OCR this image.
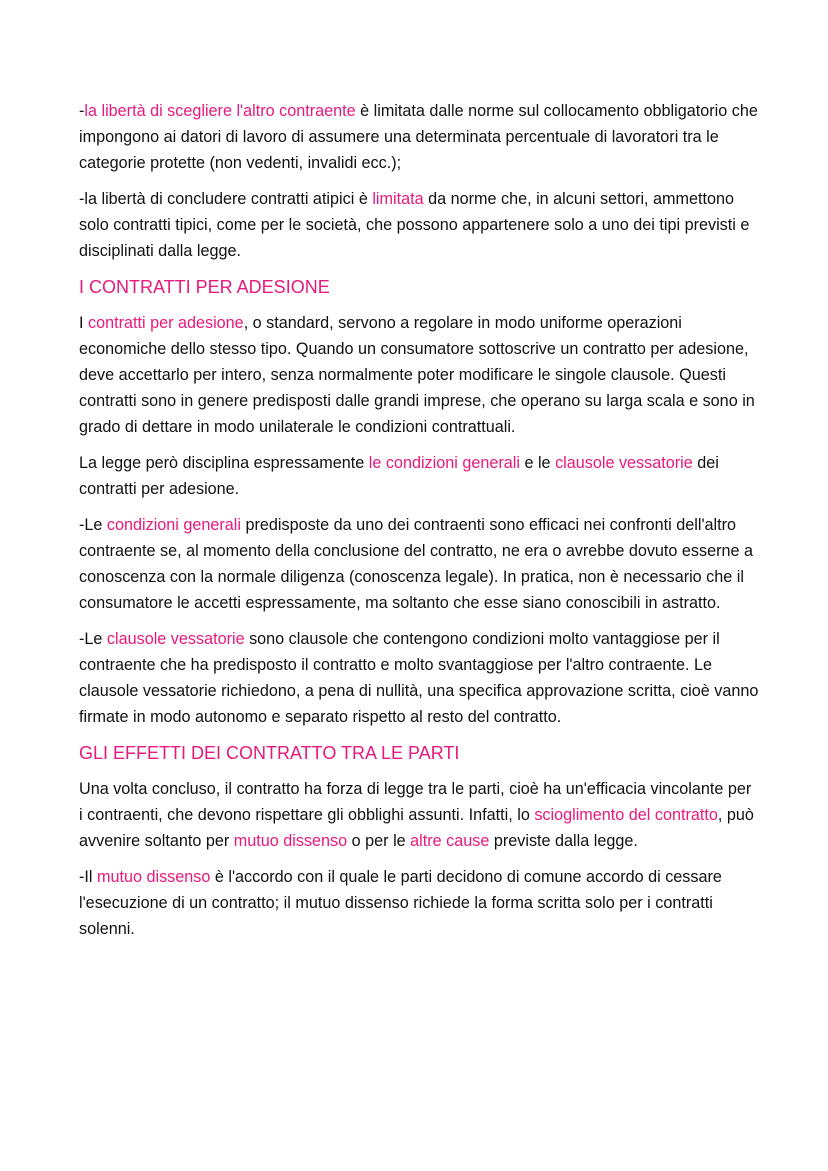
-la libertà di scegliere l'altro contraente è limitata dalle norme sul collocamento obbligatorio che impongono ai datori di lavoro di assumere una determinata percentuale di lavoratori tra le categorie protette (non vedenti, invalidi ecc.);

-la libertà di concludere contratti atipici è limitata da norme che, in alcuni settori, ammettono solo contratti tipici, come per le società, che possono appartenere solo a uno dei tipi previsti e disciplinati dalla legge.

I CONTRATTI PER ADESIONE

I contratti per adesione, o standard, servono a regolare in modo uniforme operazioni economiche dello stesso tipo. Quando un consumatore sottoscrive un contratto per adesione, deve accettarlo per intero, senza normalmente poter modificare le singole clausole. Questi contratti sono in genere predisposti dalle grandi imprese, che operano su larga scala e sono in grado di dettare in modo unilaterale le condizioni contrattuali.

La legge però disciplina espressamente le condizioni generali e le clausole vessatorie dei contratti per adesione.

-Le condizioni generali predisposte da uno dei contraenti sono efficaci nei confronti dell'altro contraente se, al momento della conclusione del contratto, ne era o avrebbe dovuto esserne a conoscenza con la normale diligenza (conoscenza legale). In pratica, non è necessario che il consumatore le accetti espressamente, ma soltanto che esse siano conoscibili in astratto.

-Le clausole vessatorie sono clausole che contengono condizioni molto vantaggiose per il contraente che ha predisposto il contratto e molto svantaggiose per l'altro contraente. Le clausole vessatorie richiedono, a pena di nullità, una specifica approvazione scritta, cioè vanno firmate in modo autonomo e separato rispetto al resto del contratto.

GLI EFFETTI DEI CONTRATTO TRA LE PARTI

Una volta concluso, il contratto ha forza di legge tra le parti, cioè ha un'efficacia vincolante per i contraenti, che devono rispettare gli obblighi assunti. Infatti, lo scioglimento del contratto, può avvenire soltanto per mutuo dissenso o per le altre cause previste dalla legge.

-Il mutuo dissenso è l'accordo con il quale le parti decidono di comune accordo di cessare l'esecuzione di un contratto; il mutuo dissenso richiede la forma scritta solo per i contratti solenni.
